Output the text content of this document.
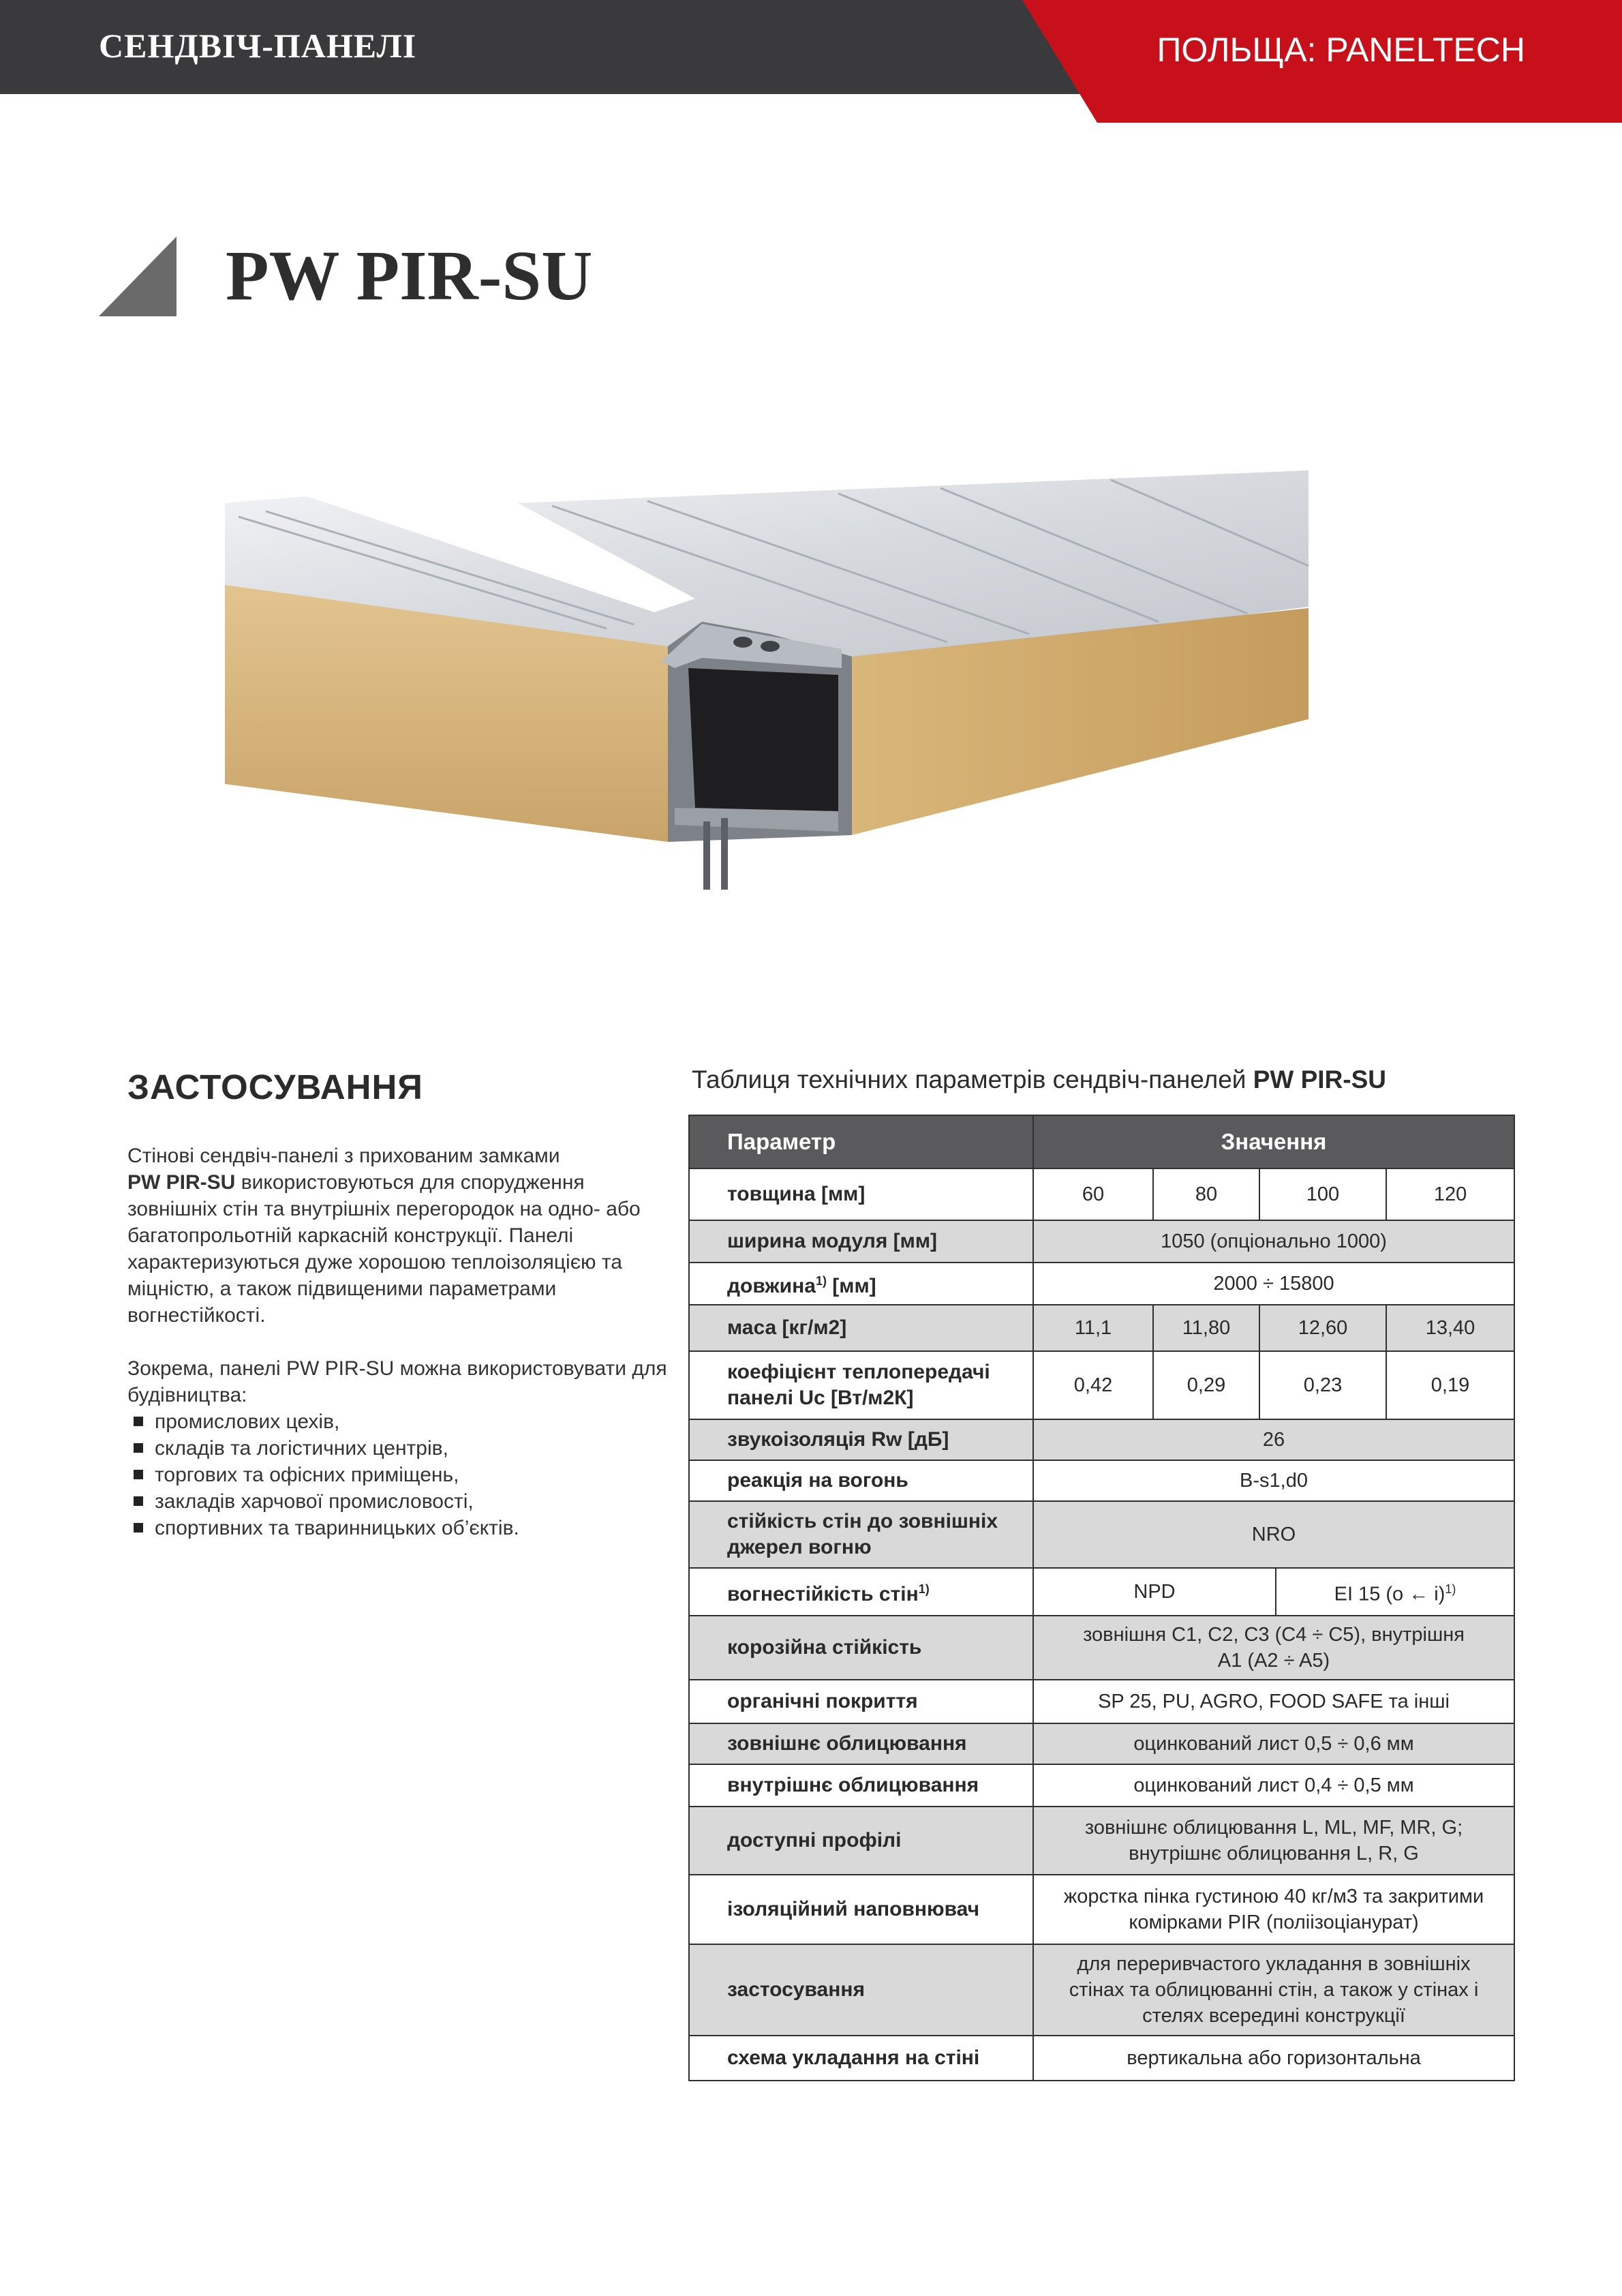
СЕНДВІЧ-ПАНЕЛІ	ПОЛЬЩА: PANELTECH
PW PIR-SU
ЗАСТОСУВАННЯ

Стінові сендвіч-панелі з прихованим замками
PW PIR-SU використовуються для спорудження зовнішніх стін та внутрішніх перегородок на одно- або багатопрольотній каркасній конструкції. Панелі характеризуються дуже хорошою теплоізоляцією та міцністю, а також підвищеними параметрами вогнестійкості.

Зокрема, панелі PW PIR-SU можна використовувати для будівництва:

промислових цехів,
складів та логістичних центрів,
торгових та офісних приміщень,
закладів харчової промисловості,
спортивних та тваринницьких об’єктів.
Таблиця технічних параметрів сендвіч-панелей PW PIR-SU
Параметр	Значення				
товщина [мм]	60	80	100		120
ширина модуля [мм]	1050 (опціонально 1000)				
довжина$^{1)}$ [мм]	2000 ÷ 15800				
маса [кг/м2]	11,1	11,80	12,60		13,40
коефіцієнт теплопередачі панелі Uc [Вт/м2К]	0,42	0,29	0,23		0,19
звукоізоляція Rw [дБ]	26				
реакція на вогонь	B-s1,d0				
стійкість стін до зовнішніх джерел вогню	NRO				
вогнестійкість стін$^{1)}$	NPD			EI 15 (o ← i)$^{1)}$
корозійна стійкість	зовнішня C1, C2, C3 (C4 ÷ C5), внутрішня A1 (A2 ÷ A5)				
органічні покриття	SP 25, PU, AGRO, FOOD SAFE та інші				
зовнішнє облицювання	оцинкований лист 0,5 ÷ 0,6 мм				
внутрішнє облицювання	оцинкований лист 0,4 ÷ 0,5 мм				
доступні профілі	зовнішнє облицювання L, ML, MF, MR, G; внутрішнє облицювання L, R, G				
ізоляційний наповнювач	жорстка пінка густиною 40 кг/м3 та закритими комірками PIR (поліізоціанурат)				
застосування	для переривчастого укладання в зовнішніх стінах та облицюванні стін, а також у стінах і стелях всередині конструкції				
схема укладання на стіні	вертикальна або горизонтальна				
